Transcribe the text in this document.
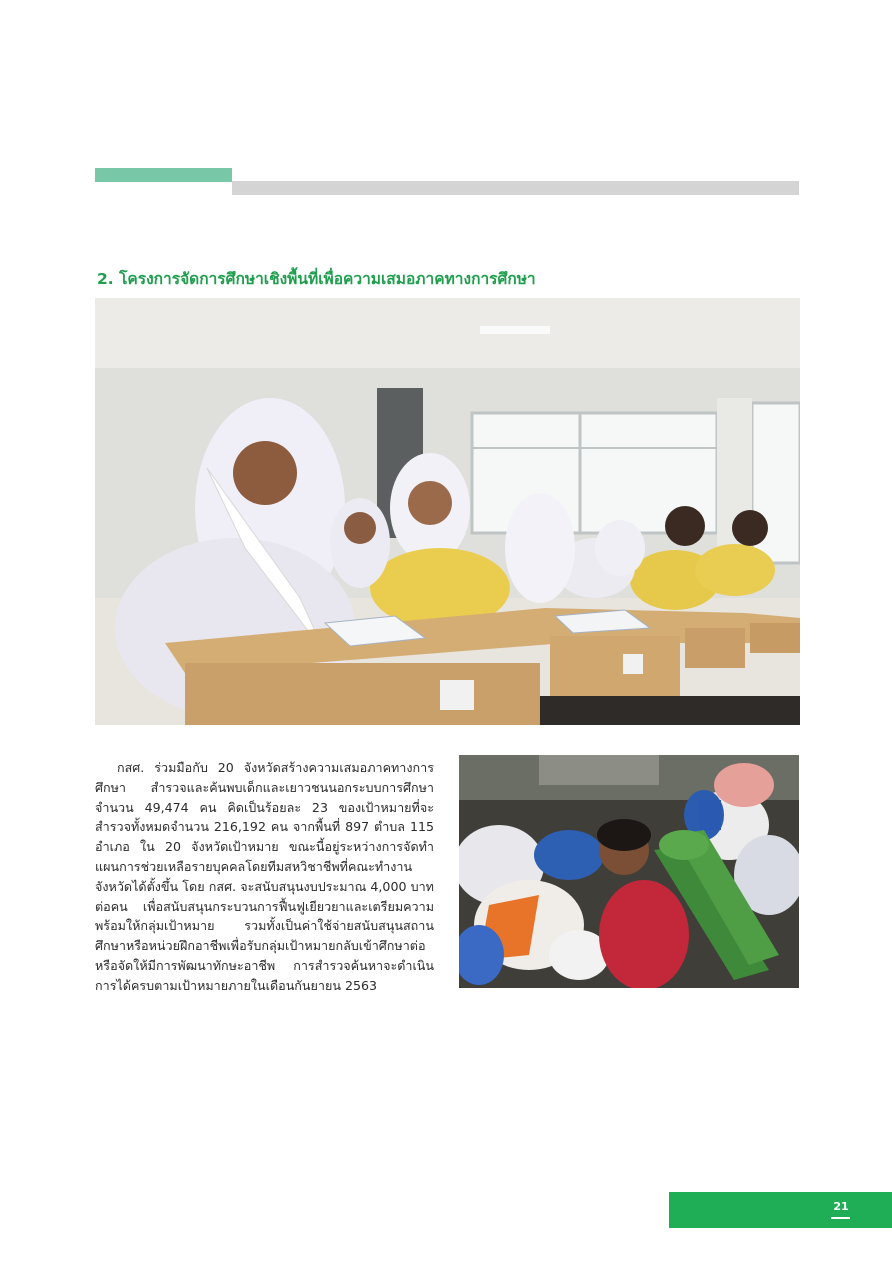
2. โครงการจัดการศึกษาเชิงพื้นที่เพื่อความเสมอภาคทางการศึกษา
กสศ. ร่วมมือกับ 20 จังหวัดสร้างความเสมอภาคทางการศึกษา สำรวจและค้นพบเด็กและเยาวชนนอกระบบการศึกษาจำนวน 49,474 คน คิดเป็นร้อยละ 23 ของเป้าหมายที่จะสำรวจทั้งหมดจำนวน 216,192 คน จากพื้นที่ 897 ตำบล 115 อำเภอ ใน 20 จังหวัดเป้าหมาย ขณะนี้อยู่ระหว่างการจัดทำแผนการช่วยเหลือรายบุคคลโดยทีมสหวิชาชีพที่คณะทำงานจังหวัดได้ตั้งขึ้น โดย กสศ. จะสนับสนุนงบประมาณ 4,000 บาทต่อคน เพื่อสนับสนุนกระบวนการฟื้นฟูเยียวยาและเตรียมความพร้อมให้กลุ่มเป้าหมาย รวมทั้งเป็นค่าใช้จ่ายสนับสนุนสถานศึกษาหรือหน่วยฝึกอาชีพเพื่อรับกลุ่มเป้าหมายกลับเข้าศึกษาต่อ หรือจัดให้มีการพัฒนาทักษะอาชีพ การสำรวจค้นหาจะดำเนินการได้ครบตามเป้าหมายภายในเดือนกันยายน 2563
21
